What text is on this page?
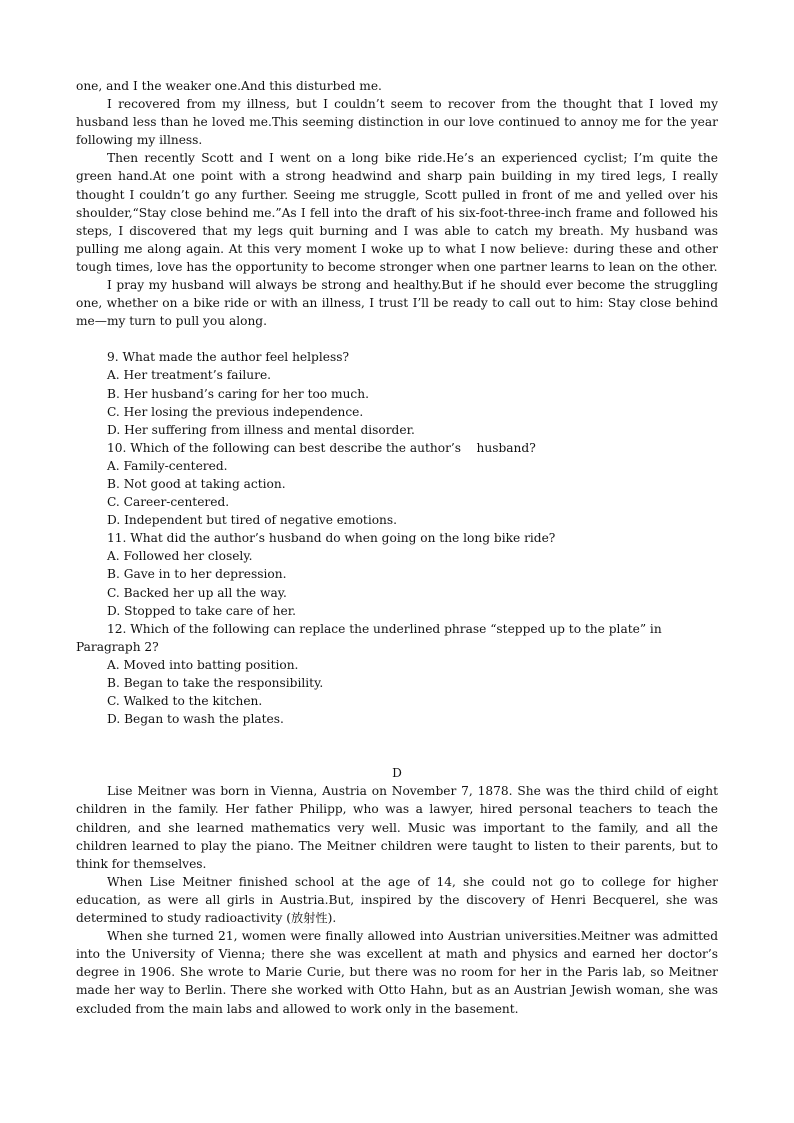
one, and I the weaker one.And this disturbed me.

I recovered from my illness, but I couldn’t seem to recover from the thought that I loved my husband less than he loved me.This seeming distinction in our love continued to annoy me for the year following my illness.

Then recently Scott and I went on a long bike ride.He’s an experienced cyclist; I’m quite the green hand.At one point with a strong headwind and sharp pain building in my tired legs, I really thought I couldn’t go any further. Seeing me struggle, Scott pulled in front of me and yelled over his shoulder,“Stay close behind me.”As I fell into the draft of his six-foot-three-inch frame and followed his steps, I discovered that my legs quit burning and I was able to catch my breath. My husband was pulling me along again. At this very moment I woke up to what I now believe: during these and other tough times, love has the opportunity to become stronger when one partner learns to lean on the other.

I pray my husband will always be strong and healthy.But if he should ever become the struggling one, whether on a bike ride or with an illness, I trust I’ll be ready to call out to him: Stay close behind me—my turn to pull you along.

9. What made the author feel helpless?

A. Her treatment’s failure.

B. Her husband’s caring for her too much.

C. Her losing the previous independence.

D. Her suffering from illness and mental disorder.

10. Which of the following can best describe the author’s    husband?

A. Family-centered.

B. Not good at taking action.

C. Career-centered.

D. Independent but tired of negative emotions.

11. What did the author’s husband do when going on the long bike ride?

A. Followed her closely.

B. Gave in to her depression.

C. Backed her up all the way.

D. Stopped to take care of her.

12. Which of the following can replace the underlined phrase “stepped up to the plate” in Paragraph 2?

A. Moved into batting position.

B. Began to take the responsibility.

C. Walked to the kitchen.

D. Began to wash the plates.

D

Lise Meitner was born in Vienna, Austria on November 7, 1878. She was the third child of eight children in the family. Her father Philipp, who was a lawyer, hired personal teachers to teach the children, and she learned mathematics very well. Music was important to the family, and all the children learned to play the piano. The Meitner children were taught to listen to their parents, but to think for themselves.

When Lise Meitner finished school at the age of 14, she could not go to college for higher education, as were all girls in Austria.But, inspired by the discovery of Henri Becquerel, she was determined to study radioactivity (放射性).

When she turned 21, women were finally allowed into Austrian universities.Meitner was admitted into the University of Vienna; there she was excellent at math and physics and earned her doctor’s degree in 1906. She wrote to Marie Curie, but there was no room for her in the Paris lab, so Meitner made her way to Berlin. There she worked with Otto Hahn, but as an Austrian Jewish woman, she was excluded from the main labs and allowed to work only in the basement.
